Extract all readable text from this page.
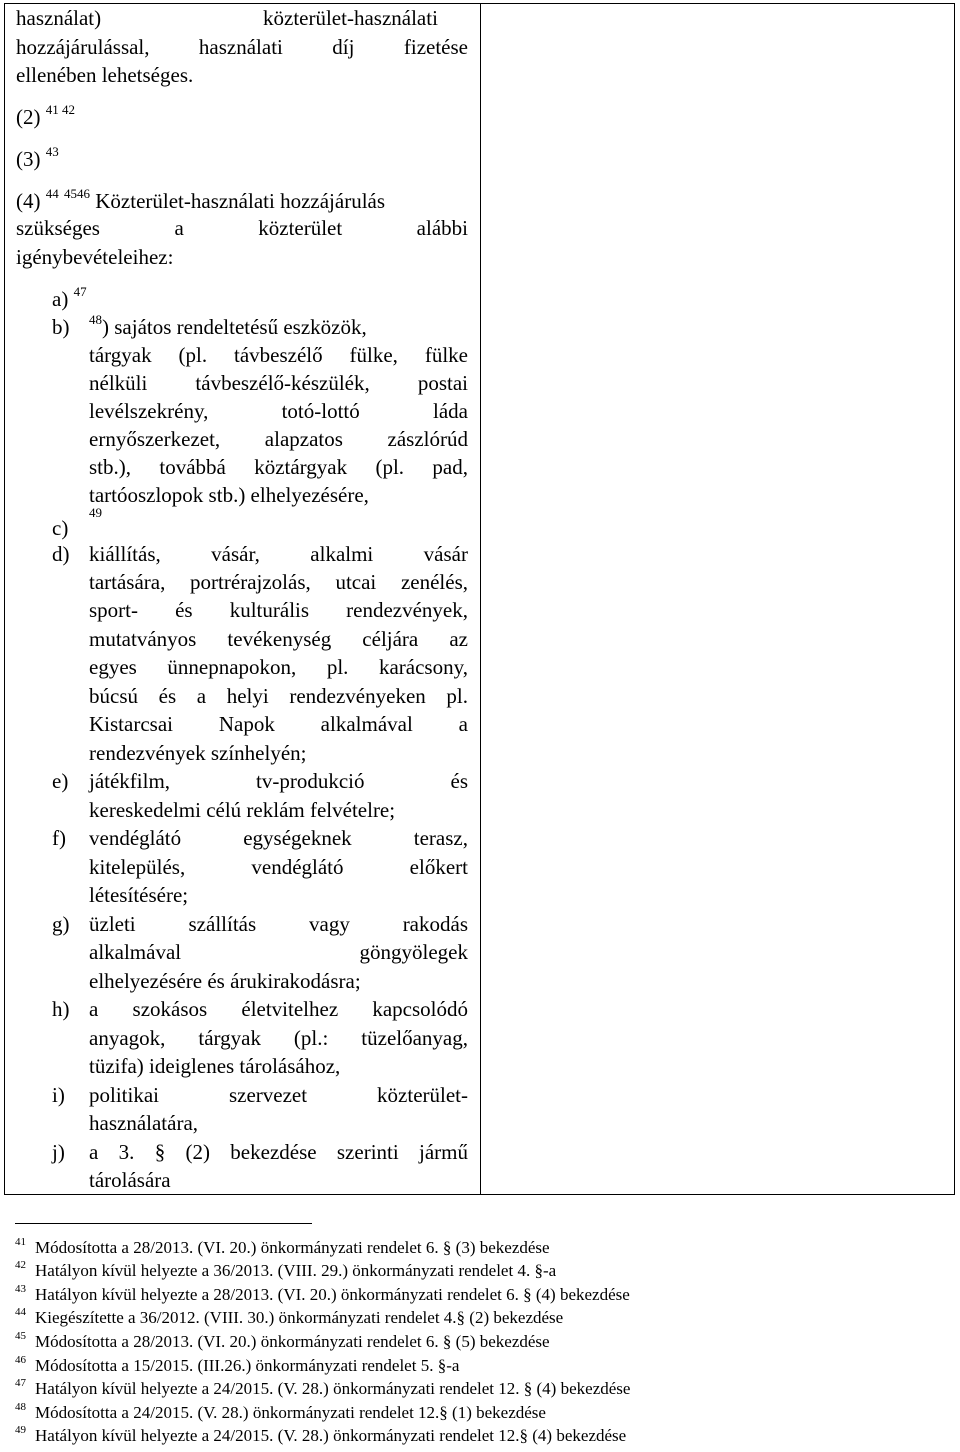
használat)	közterület-használati
hozzájárulással, használati díj fizetése
ellenében lehetséges.
(2) $^{41 42}$
(3) $^{43}$
(4) $^{44}$ $^{4546}$ Közterület-használati hozzájárulás
szükséges a közterület alábbi
igénybevételeihez:
a) $^{47}$
b) $^{48}$) sajátos rendeltetésű eszközök,
tárgyak (pl. távbeszélő fülke, fülke
nélküli távbeszélő-készülék, postai
levélszekrény, totó-lottó láda
ernyőszerkezet, alapzatos zászlórúd
stb.), továbbá köztárgyak (pl. pad,
tartóoszlopok stb.) elhelyezésére,
c)
$^{49}$
d) kiállítás, vásár, alkalmi vásár
tartására, portrérajzolás, utcai zenélés,
sport- és kulturális rendezvények,
mutatványos tevékenység céljára az
egyes ünnepnapokon, pl. karácsony,
búcsú és a helyi rendezvényeken pl.
Kistarcsai Napok alkalmával a
rendezvények színhelyén;
e) játékfilm, tv-produkció és
kereskedelmi célú reklám felvételre;
f) vendéglátó egységeknek terasz,
kitelepülés, vendéglátó előkert
létesítésére;
g) üzleti szállítás vagy rakodás
alkalmával göngyölegek
elhelyezésére és árukirakodásra;
h) a szokásos életvitelhez kapcsolódó
anyagok, tárgyak (pl.: tüzelőanyag,
tüzifa) ideiglenes tárolásához,
i) politikai szervezet közterület-
használatára,
j) a 3. § (2) bekezdése szerinti jármű
tárolására
$^{41}$ Módosította a 28/2013. (VI. 20.) önkormányzati rendelet 6. § (3) bekezdése
$^{42}$ Hatályon kívül helyezte a 36/2013. (VIII. 29.) önkormányzati rendelet 4. §-a
$^{43}$ Hatályon kívül helyezte a 28/2013. (VI. 20.) önkormányzati rendelet 6. § (4) bekezdése
$^{44}$ Kiegészítette a 36/2012. (VIII. 30.) önkormányzati rendelet 4.§ (2) bekezdése
$^{45}$ Módosította a 28/2013. (VI. 20.) önkormányzati rendelet 6. § (5) bekezdése
$^{46}$ Módosította a 15/2015. (III.26.) önkormányzati rendelet 5. §-a
$^{47}$ Hatályon kívül helyezte a 24/2015. (V. 28.) önkormányzati rendelet 12. § (4) bekezdése
$^{48}$ Módosította a 24/2015. (V. 28.) önkormányzati rendelet 12.§ (1) bekezdése
$^{49}$ Hatályon kívül helyezte a 24/2015. (V. 28.) önkormányzati rendelet 12.§ (4) bekezdése
